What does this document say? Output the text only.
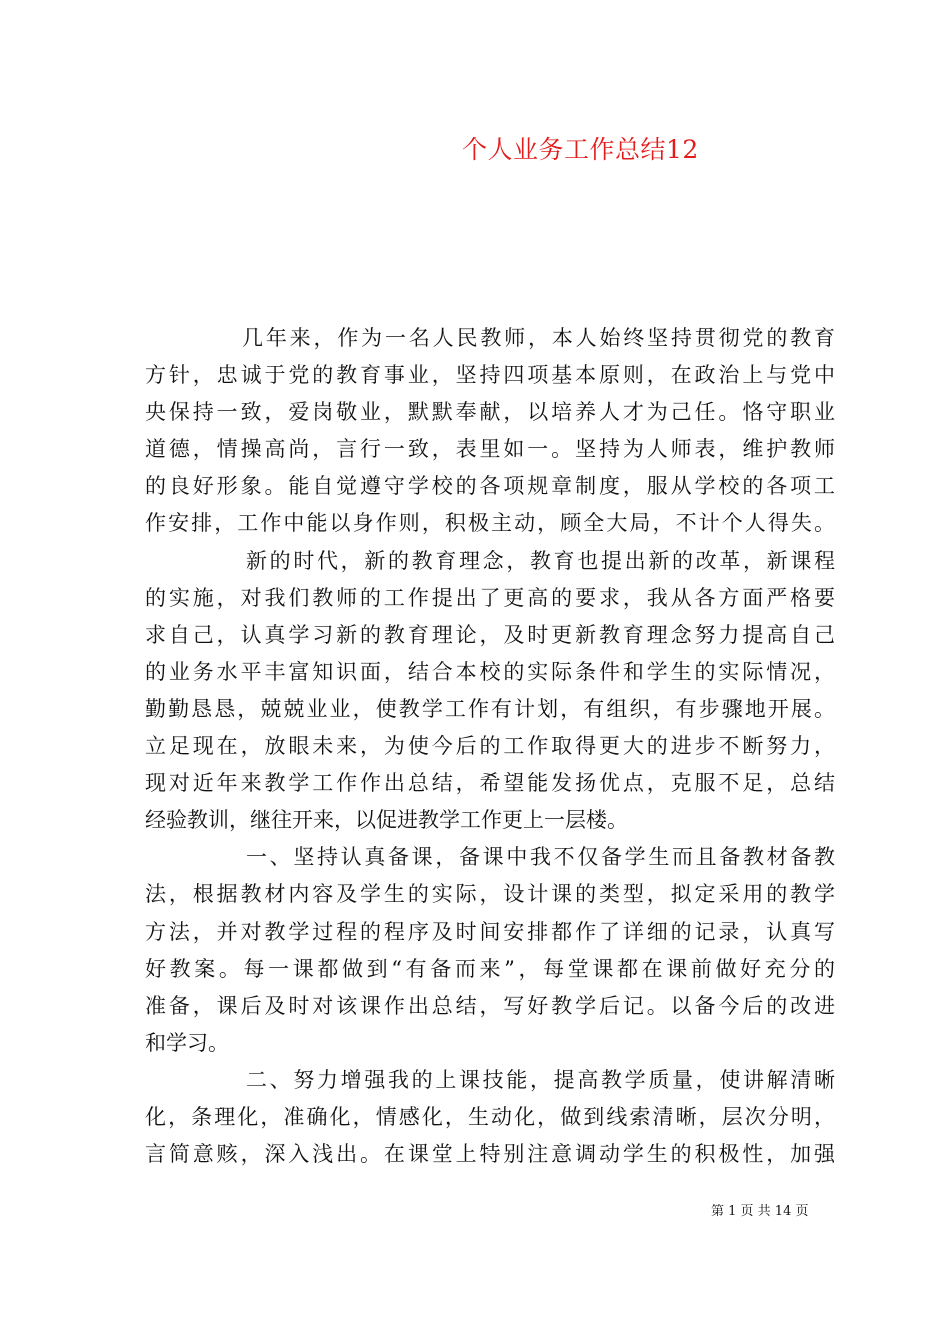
个人业务工作总结12
几年来，作为一名人民教师，本人始终坚持贯彻党的教育
方针，忠诚于党的教育事业，坚持四项基本原则，在政治上与党中
央保持一致，爱岗敬业，默默奉献，以培养人才为己任。恪守职业
道德，情操高尚，言行一致，表里如一。坚持为人师表，维护教师
的良好形象。能自觉遵守学校的各项规章制度，服从学校的各项工
作安排，工作中能以身作则，积极主动，顾全大局，不计个人得失。
新的时代，新的教育理念，教育也提出新的改革，新课程
的实施，对我们教师的工作提出了更高的要求，我从各方面严格要
求自己，认真学习新的教育理论，及时更新教育理念努力提高自己
的业务水平丰富知识面，结合本校的实际条件和学生的实际情况，
勤勤恳恳，兢兢业业，使教学工作有计划，有组织，有步骤地开展。
立足现在，放眼未来，为使今后的工作取得更大的进步不断努力，
现对近年来教学工作作出总结，希望能发扬优点，克服不足，总结
经验教训，继往开来，以促进教学工作更上一层楼。
一、坚持认真备课，备课中我不仅备学生而且备教材备教
法，根据教材内容及学生的实际，设计课的类型，拟定采用的教学
方法，并对教学过程的程序及时间安排都作了详细的记录，认真写
好教案。每一课都做到“有备而来”，每堂课都在课前做好充分的
准备，课后及时对该课作出总结，写好教学后记。以备今后的改进
和学习。
二、努力增强我的上课技能，提高教学质量，使讲解清晰
化，条理化，准确化，情感化，生动化，做到线索清晰，层次分明，
言简意赅，深入浅出。在课堂上特别注意调动学生的积极性，加强
第 1 页 共 14 页
